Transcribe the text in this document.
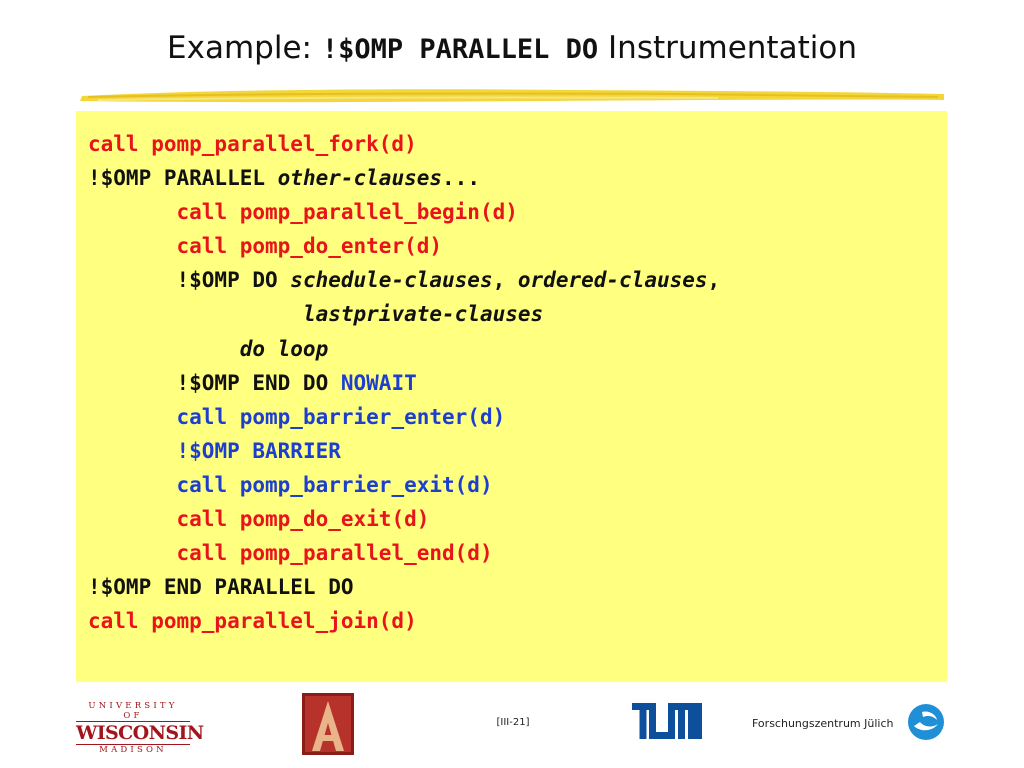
Example: !$OMP PARALLEL DO Instrumentation
call pomp_parallel_fork(d)
!$OMP PARALLEL other-clauses...
call pomp_parallel_begin(d)
call pomp_do_enter(d)
!$OMP DO schedule-clauses, ordered-clauses,
lastprivate-clauses
do loop
!$OMP END DO NOWAIT
call pomp_barrier_enter(d)
!$OMP BARRIER
call pomp_barrier_exit(d)
call pomp_do_exit(d)
call pomp_parallel_end(d)
!$OMP END PARALLEL DO
call pomp_parallel_join(d)
UNIVERSITY OF
WISCONSIN
MADISON
[III-21]	Forschungszentrum Jülich
